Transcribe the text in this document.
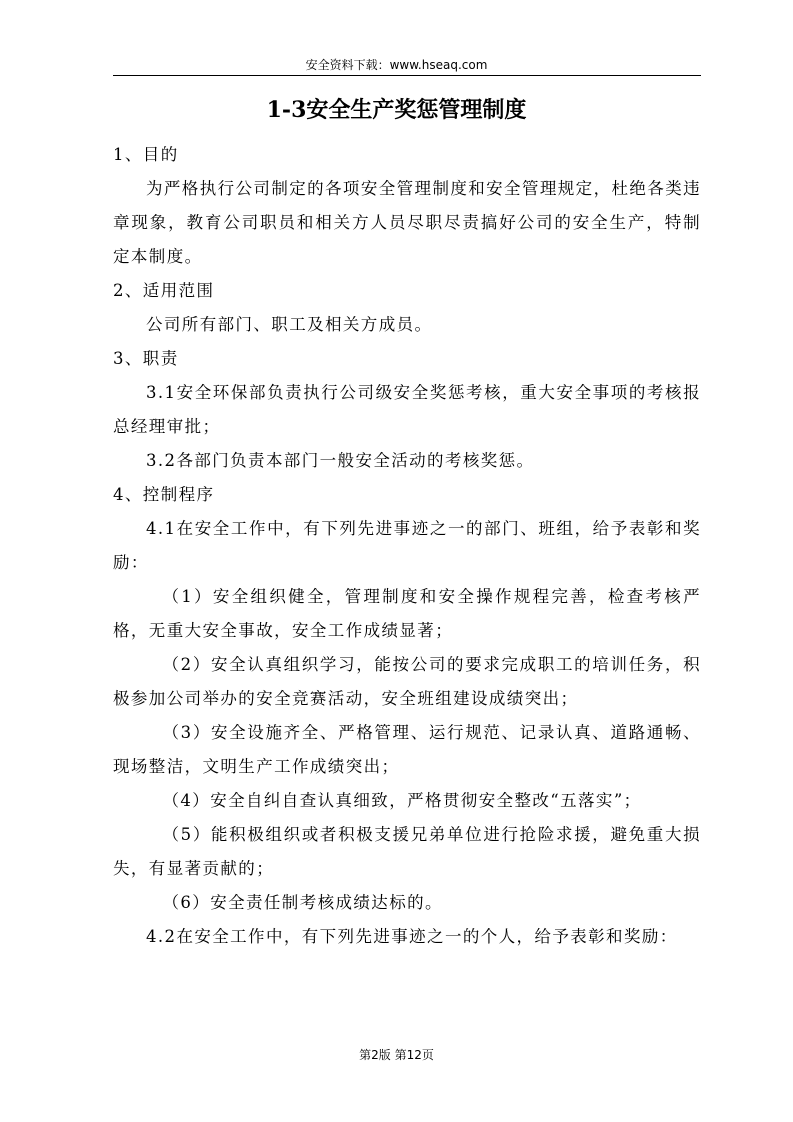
安全资料下载：www.hseaq.com
1-3安全生产奖惩管理制度

1、目的

为严格执行公司制定的各项安全管理制度和安全管理规定，杜绝各类违章现象，教育公司职员和相关方人员尽职尽责搞好公司的安全生产，特制定本制度。

2、适用范围

公司所有部门、职工及相关方成员。

3、职责

3.1安全环保部负责执行公司级安全奖惩考核，重大安全事项的考核报总经理审批；

3.2各部门负责本部门一般安全活动的考核奖惩。

4、控制程序

4.1在安全工作中，有下列先进事迹之一的部门、班组，给予表彰和奖励：

（1）安全组织健全，管理制度和安全操作规程完善，检查考核严格，无重大安全事故，安全工作成绩显著；

（2）安全认真组织学习，能按公司的要求完成职工的培训任务，积极参加公司举办的安全竞赛活动，安全班组建设成绩突出；

（3）安全设施齐全、严格管理、运行规范、记录认真、道路通畅、现场整洁，文明生产工作成绩突出；

（4）安全自纠自查认真细致，严格贯彻安全整改“五落实”；

（5）能积极组织或者积极支援兄弟单位进行抢险求援，避免重大损失，有显著贡献的；

（6）安全责任制考核成绩达标的。

4.2在安全工作中，有下列先进事迹之一的个人，给予表彰和奖励：

第2版 第12页
